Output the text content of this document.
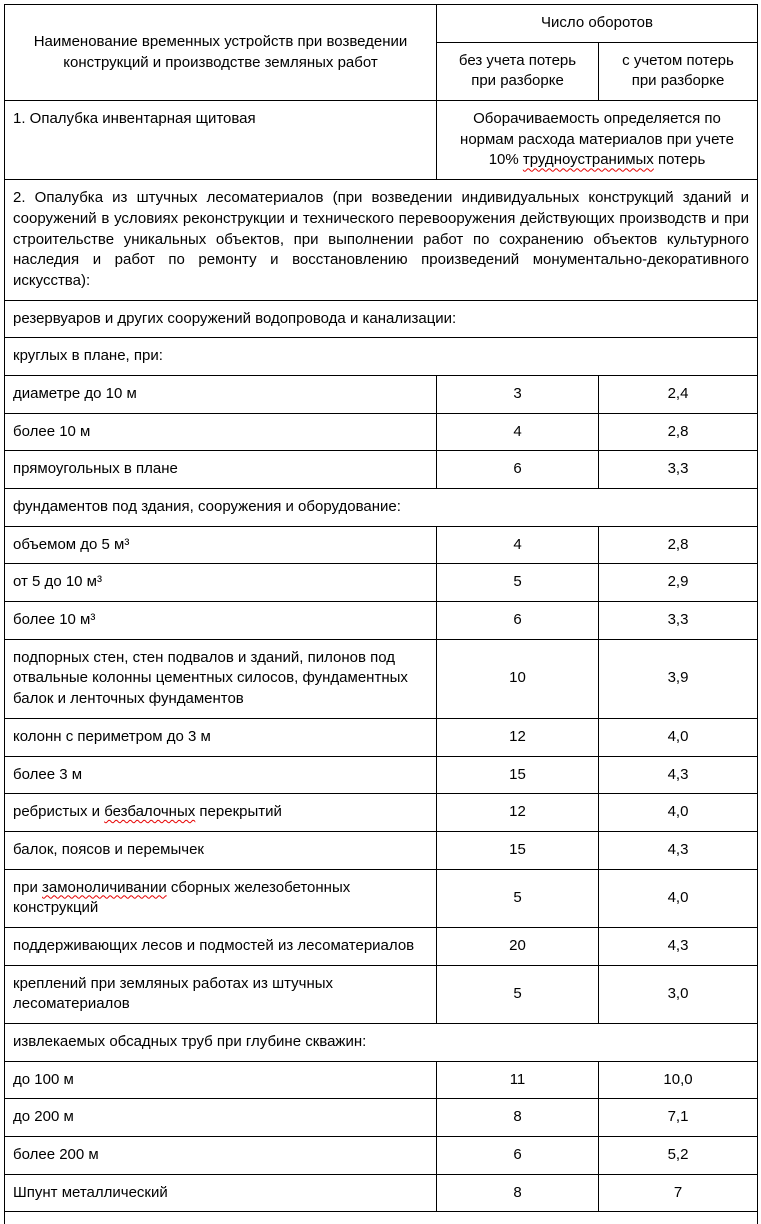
Наименование временных устройств при возведении конструкций и производстве земляных работ	Число оборотов	
	без учета потерь при разборке	с учетом потерь при разборке
1. Опалубка инвентарная щитовая	Оборачиваемость определяется по нормам расхода материалов при учете 10% трудноустранимых потерь	
2. Опалубка из штучных лесоматериалов (при возведении индивидуальных конструкций зданий и сооружений в условиях реконструкции и технического перевооружения действующих производств и при строительстве уникальных объектов, при выполнении работ по сохранению объектов культурного наследия и работ по ремонту и восстановлению произведений монументально-декоративного искусства):		
резервуаров и других сооружений водопровода и канализации:		
круглых в плане, при:		
диаметре до 10 м	3	2,4
более 10 м	4	2,8
прямоугольных в плане	6	3,3
фундаментов под здания, сооружения и оборудование:		
объемом до 5 м³	4	2,8
от 5 до 10 м³	5	2,9
более 10 м³	6	3,3
подпорных стен, стен подвалов и зданий, пилонов под отвальные колонны цементных силосов, фундаментных балок и ленточных фундаментов	10	3,9
колонн с периметром до 3 м	12	4,0
более 3 м	15	4,3
ребристых и безбалочных перекрытий	12	4,0
балок, поясов и перемычек	15	4,3
при замоноличивании сборных железобетонных конструкций	5	4,0
поддерживающих лесов и подмостей из лесоматериалов	20	4,3
креплений при земляных работах из штучных лесоматериалов	5	3,0
извлекаемых обсадных труб при глубине скважин:		
до 100 м	11	10,0
до 200 м	8	7,1
более 200 м	6	5,2
Шпунт металлический	8	7
